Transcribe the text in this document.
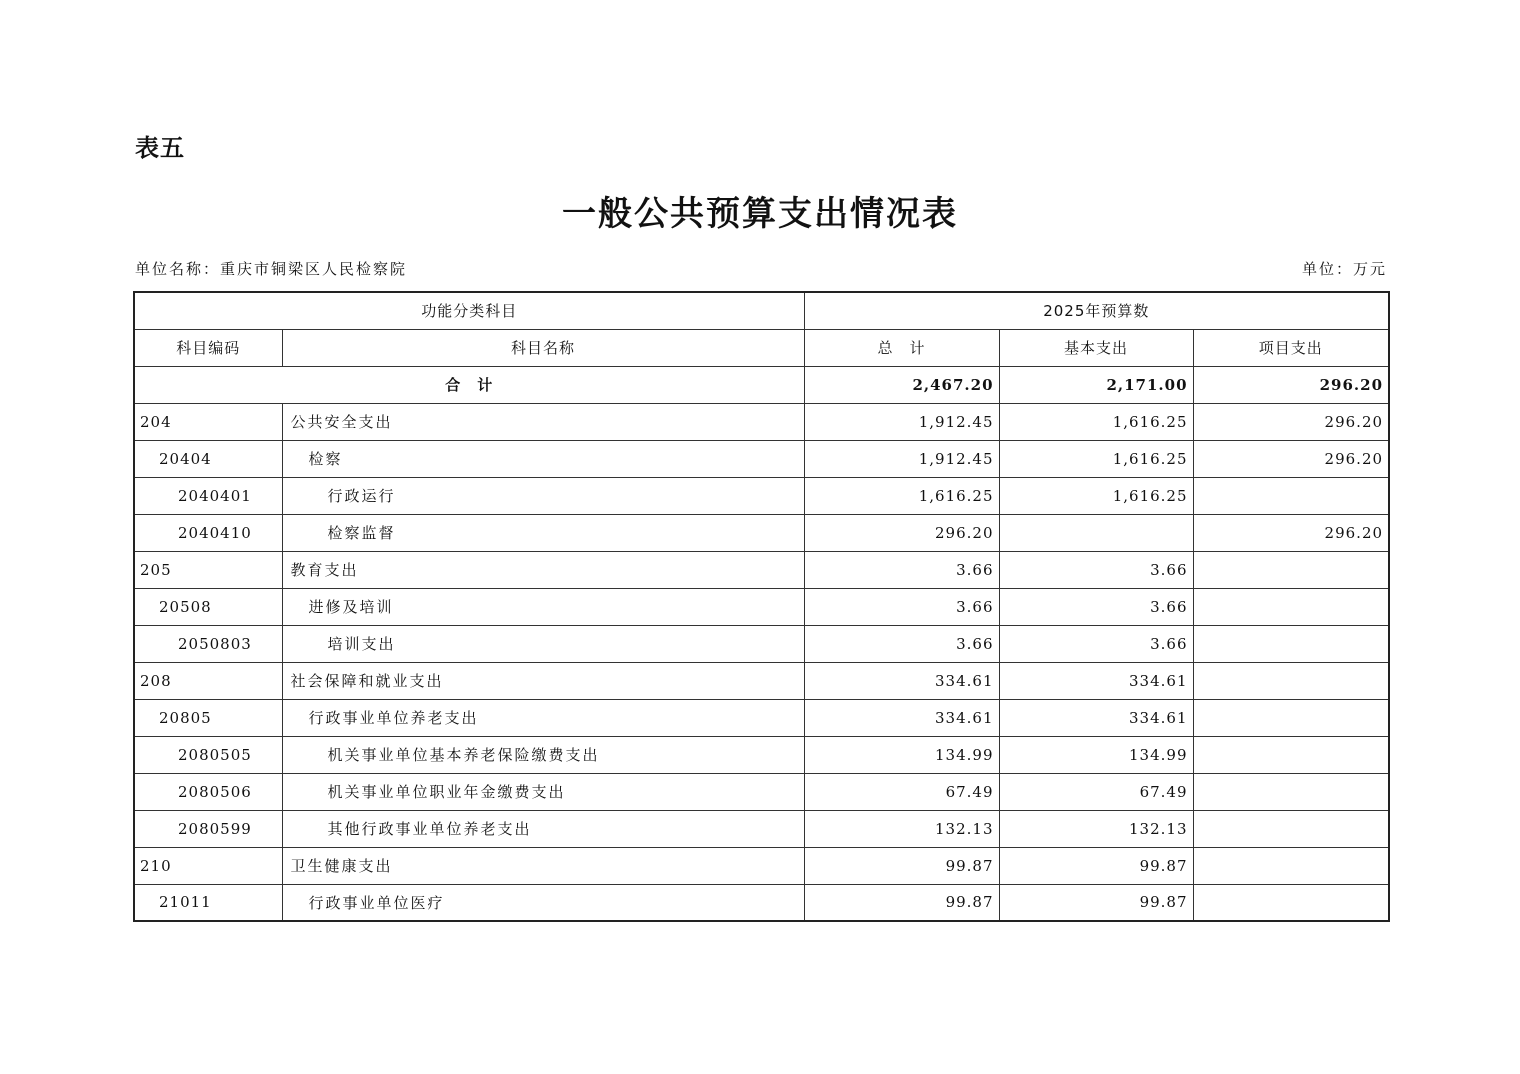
表五
一般公共预算支出情况表
单位名称：重庆市铜梁区人民检察院	单位：万元
功能分类科目		2025年预算数		
科目编码	科目名称	总　计	基本支出	项目支出
合　计		2,467.20	2,171.00	296.20
204	公共安全支出	1,912.45	1,616.25	296.20
20404	检察	1,912.45	1,616.25	296.20
2040401	行政运行	1,616.25	1,616.25	
2040410	检察监督	296.20		296.20
205	教育支出	3.66	3.66	
20508	进修及培训	3.66	3.66	
2050803	培训支出	3.66	3.66	
208	社会保障和就业支出	334.61	334.61	
20805	行政事业单位养老支出	334.61	334.61	
2080505	机关事业单位基本养老保险缴费支出	134.99	134.99	
2080506	机关事业单位职业年金缴费支出	67.49	67.49	
2080599	其他行政事业单位养老支出	132.13	132.13	
210	卫生健康支出	99.87	99.87	
21011	行政事业单位医疗	99.87	99.87	
